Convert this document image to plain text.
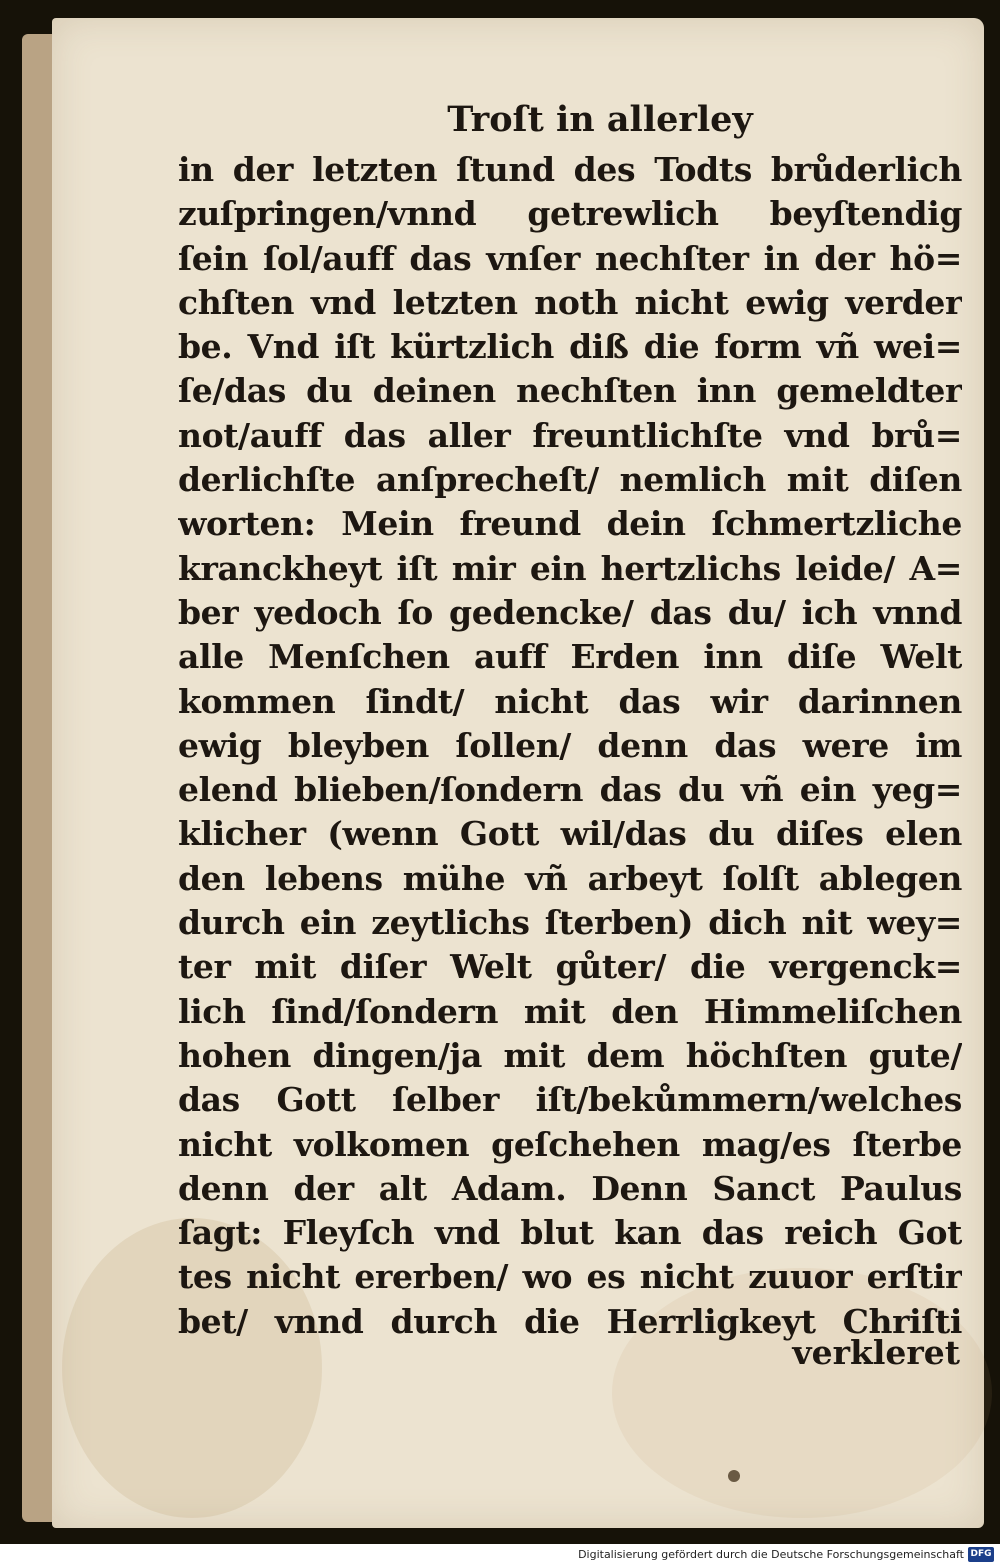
Troſt in allerley
in der letzten ſtund des Todts brůderlich
zuſpringen/vnnd getrewlich beyſtendig
ſein ſol/auff das vnſer nechſter in der hö=
chſten vnd letzten noth nicht ewig verder
be. Vnd iſt kürtzlich diß die form vñ wei=
ſe/das du deinen nechſten inn gemeldter
not/auff das aller freuntlichſte vnd brů=
derlichſte anſprecheſt/ nemlich mit diſen
worten: Mein freund dein ſchmertzliche
kranckheyt iſt mir ein hertzlichs leide/ A=
ber yedoch ſo gedencke/ das du/ ich vnnd
alle Menſchen auff Erden inn diſe Welt
kommen ſindt/ nicht das wir darinnen
ewig bleyben ſollen/ denn das were im
elend blieben/ſondern das du vñ ein yeg=
klicher (wenn Gott wil/das du diſes elen
den lebens mühe vñ arbeyt ſolſt ablegen
durch ein zeytlichs ſterben) dich nit wey=
ter mit diſer Welt gůter/ die vergenck=
lich ſind/ſondern mit den Himmeliſchen
hohen dingen/ja mit dem höchſten gute/
das Gott ſelber iſt/bekůmmern/welches
nicht volkomen geſchehen mag/es ſterbe
denn der alt Adam. Denn Sanct Paulus
ſagt: Fleyſch vnd blut kan das reich Got
tes nicht ererben/ wo es nicht zuuor erſtir
bet/ vnnd durch die Herrligkeyt Chriſti
verkleret
Digitalisierung gefördert durch die Deutsche Forschungsgemeinschaft DFG
